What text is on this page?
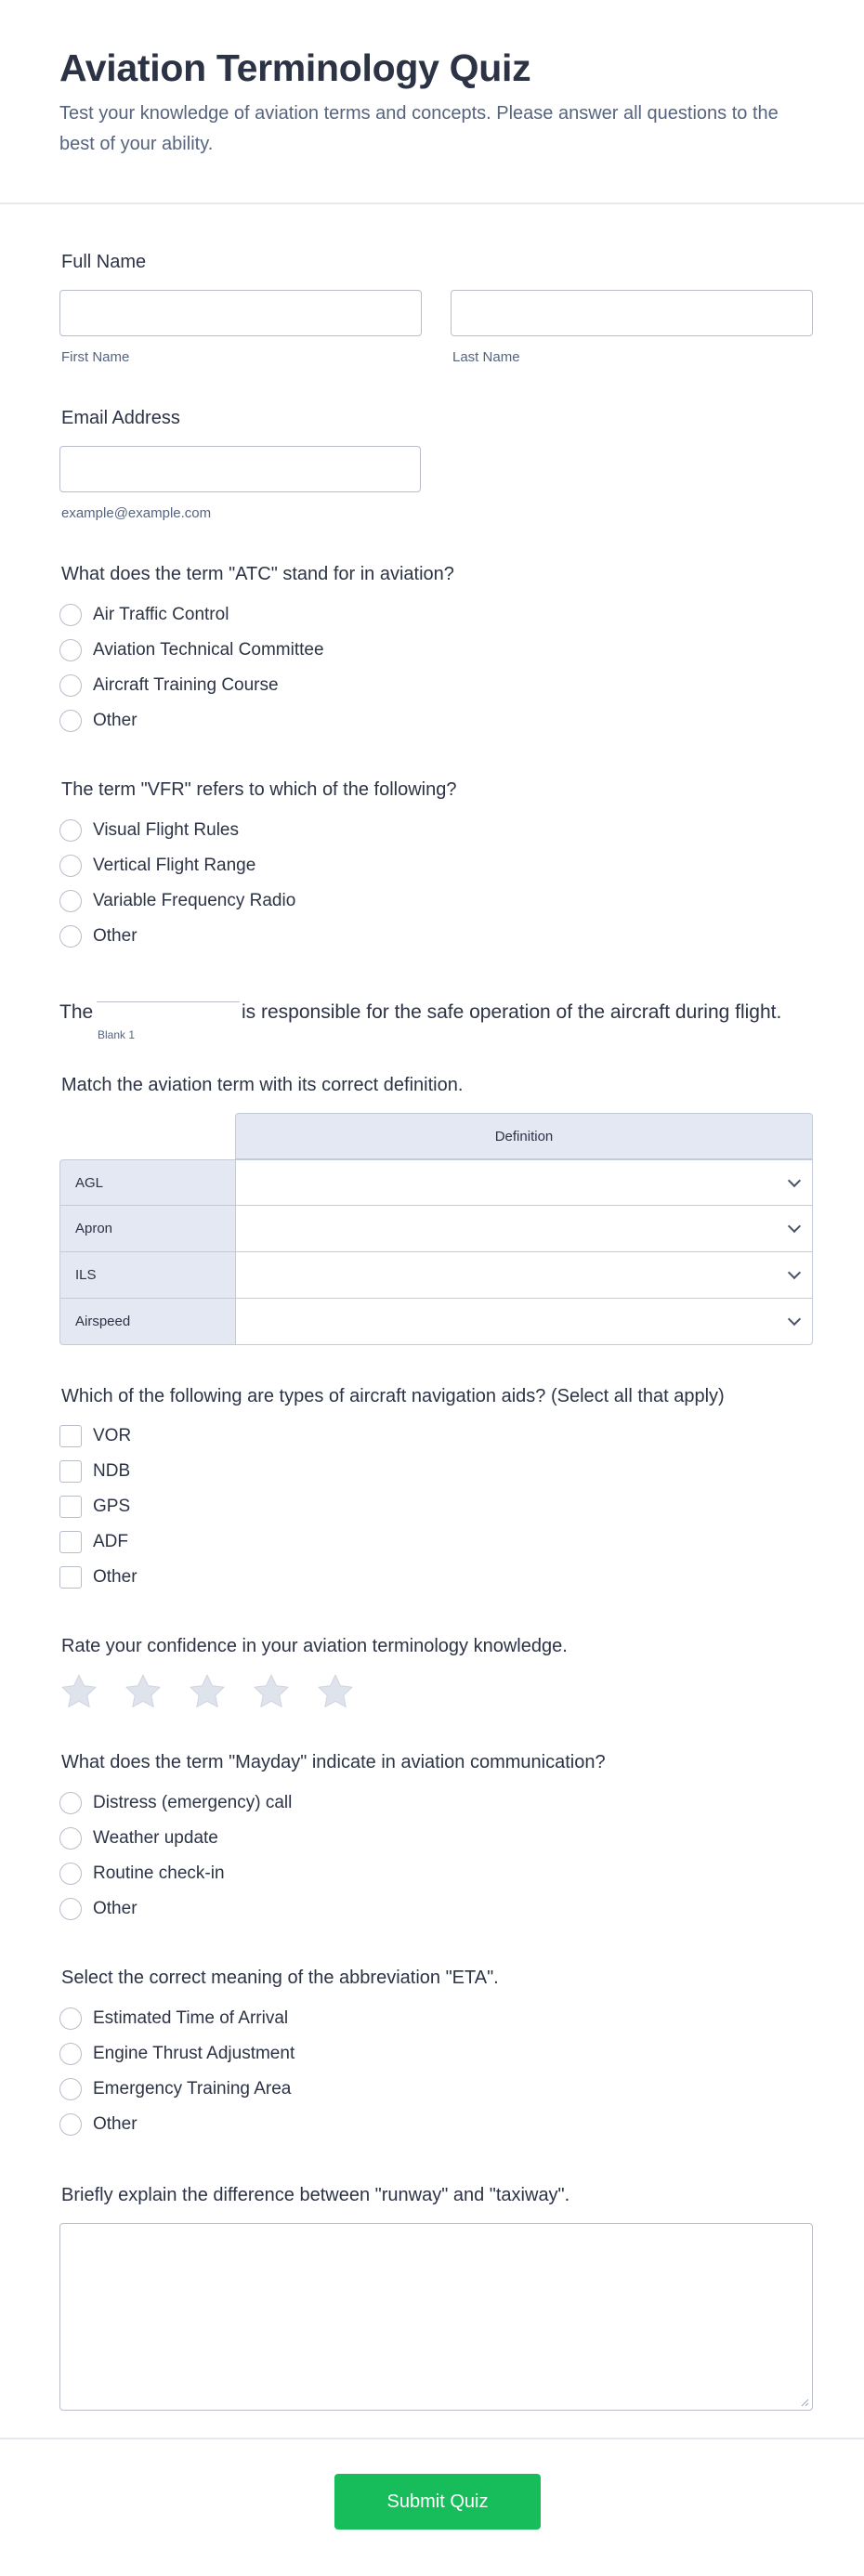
Aviation Terminology Quiz

Test your knowledge of aviation terms and concepts. Please answer all questions to the best of your ability.

Full Name
First Name	Last Name
Email Address
example@example.com
What does the term "ATC" stand for in aviation?
Air Traffic Control
Aviation Technical Committee
Aircraft Training Course
Other
The term "VFR" refers to which of the following?
Visual Flight Rules
Vertical Flight Range
Variable Frequency Radio
Other
The	is responsible for the safe operation of the aircraft during flight.
Blank 1
Match the aviation term with its correct definition.
Definition
AGL
Apron
ILS
Airspeed
Which of the following are types of aircraft navigation aids? (Select all that apply)
VOR
NDB
GPS
ADF
Other
Rate your confidence in your aviation terminology knowledge.
What does the term "Mayday" indicate in aviation communication?
Distress (emergency) call
Weather update
Routine check-in
Other
Select the correct meaning of the abbreviation "ETA".
Estimated Time of Arrival
Engine Thrust Adjustment
Emergency Training Area
Other
Briefly explain the difference between "runway" and "taxiway".
Submit Quiz
